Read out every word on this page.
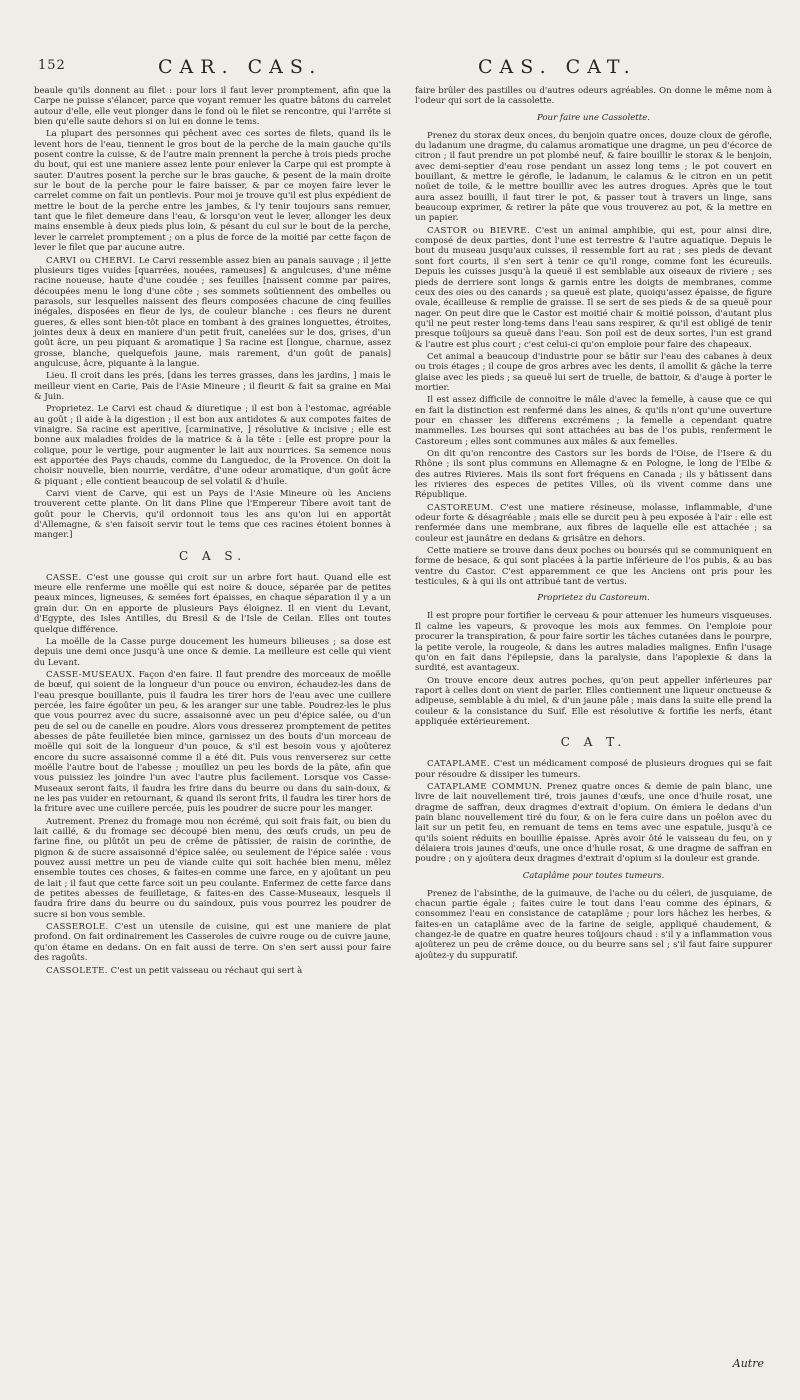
152	CAR. CAS.	CAS. CAT.

beaule qu'ils donnent au filet : pour lors il faut lever promptement, afin que la Carpe ne puisse s'élancer, parce que voyant remuer les quatre bâtons du carrelet autour d'elle, elle veut plonger dans le fond où le filet se rencontre, qui l'arrête si bien qu'elle saute dehors si on lui en donne le tems.

La plupart des personnes qui pêchent avec ces sortes de filets, quand ils le levent hors de l'eau, tiennent le gros bout de la perche de la main gauche qu'ils posent contre la cuisse, & de l'autre main prennent la perche à trois pieds proche du bout, qui est une maniere assez lente pour enlever la Carpe qui est prompte à sauter. D'autres posent la perche sur le bras gauche, & pesent de la main droite sur le bout de la perche pour le faire baisser, & par ce moyen faire lever le carrelet comme on fait un pontlevis. Pour moi je trouve qu'il est plus expédient de mettre le bout de la perche entre les jambes, & l'y tenir toujours sans remuer, tant que le filet demeure dans l'eau, & lorsqu'on veut le lever, allonger les deux mains ensemble à deux pieds plus loin, & pésant du cul sur le bout de la perche, lever le carrelet promptement ; on a plus de force de la moitié par cette façon de lever le filet que par aucune autre.

CARVI ou CHERVI. Le Carvi ressemble assez bien au panais sauvage ; il jette plusieurs tiges vuides [quarrées, nouées, rameuses] & angulcuses, d'une même racine noueuse, haute d'une coudée ; ses feuilles [naissent comme par paires, découpées menu le long d'une côte ; ses sommets soûtiennent des ombelles ou parasols, sur lesquelles naissent des fleurs composées chacune de cinq feuilles inégales, disposées en fleur de lys, de couleur blanche : ces fleurs ne durent gueres, & elles sont bien-tôt place en tombant à des graines longuettes, étroites, jointes deux à deux en maniere d'un petit fruit, canelées sur le dos, grises, d'un goût âcre, un peu piquant & aromatique ] Sa racine est [longue, charnue, assez grosse, blanche, quelquefois jaune, mais rarement, d'un goût de panais] angulcuse, âcre, piquante à la langue.

Lieu. Il croit dans les prés, [dans les terres grasses, dans les jardins, ] mais le meilleur vient en Carie, Pais de l'Asie Mineure ; il fleurit & fait sa graine en Mai & Juin.

Proprietez. Le Carvi est chaud & diuretique ; il est bon à l'estomac, agréable au goût ; il aide à la digestion ; il est bon aux antidotes & aux compotes faites de vinaigre. Sa racine est aperitive, [carminative, ] résolutive & incisive ; elle est bonne aux maladies froides de la matrice & à la tête : [elle est propre pour la colique, pour le vertige, pour augmenter le lait aux nourrices. Sa semence nous est apportée des Pays chauds, comme du Languedoc, de la Provence. On doit la choisir nouvelle, bien nourrie, verdâtre, d'une odeur aromatique, d'un goût âcre & piquant ; elle contient beaucoup de sel volatil & d'huile.

Carvi vient de Carve, qui est un Pays de l'Asie Mineure où les Anciens trouverent cette plante. On lit dans Pline que l'Empereur Tibere avoit tant de goût pour le Chervis, qu'il ordonnoit tous les ans qu'on lui en apportât d'Allemagne, & s'en faisoit servir tout le tems que ces racines étoient bonnes à manger.]

C A S.

CASSE. C'est une gousse qui croit sur un arbre fort haut. Quand elle est meure elle renferme une moëlle qui est noire & douce, séparée par de petites peaux minces, ligneuses, & semées fort épaisses, en chaque séparation il y a un grain dur. On en apporte de plusieurs Pays éloignez. Il en vient du Levant, d'Egypte, des Isles Antilles, du Bresil & de l'Isle de Ceilan. Elles ont toutes quelque différence.

La moëlle de la Casse purge doucement les humeurs bilieuses ; sa dose est depuis une demi once jusqu'à une once & demie. La meilleure est celle qui vient du Levant.

CASSE-MUSEAUX. Façon d'en faire. Il faut prendre des morceaux de moëlle de bœuf, qui soient de la longueur d'un pouce ou environ, échaudez-les dans de l'eau presque bouillante, puis il faudra les tirer hors de l'eau avec une cuillere percée, les faire égoûter un peu, & les aranger sur une table. Poudrez-les le plus que vous pourrez avec du sucre, assaisonné avec un peu d'épice salée, ou d'un peu de sel ou de canelle en poudre. Alors vous dresserez promptement de petites abesses de pâte feuilletée bien mince, garnissez un des bouts d'un morceau de moëlle qui soit de la longueur d'un pouce, & s'il est besoin vous y ajoûterez encore du sucre assaisonné comme il a été dit. Puis vous renverserez sur cette moëlle l'autre bout de l'abesse ; mouillez un peu les bords de la pâte, afin que vous puissiez les joindre l'un avec l'autre plus facilement. Lorsque vos Casse-Museaux seront faits, il faudra les frire dans du beurre ou dans du sain-doux, & ne les pas vuider en retournant, & quand ils seront frits, il faudra les tirer hors de la friture avec une cuillere percée, puis les poudrer de sucre pour les manger.

Autrement. Prenez du fromage mou non écrémé, qui soit frais fait, ou bien du lait caillé, & du fromage sec découpé bien menu, des œufs cruds, un peu de farine fine, ou plûtôt un peu de crême de pâtissier, de raisin de corinthe, de pignon & de sucre assaisonné d'épice salée, ou seulement de l'épice salée : vous pouvez aussi mettre un peu de viande cuite qui soit hachée bien menu, mêlez ensemble toutes ces choses, & faites-en comme une farce, en y ajoûtant un peu de lait ; il faut que cette farce soit un peu coulante. Enfermez de cette farce dans de petites abesses de feuilletage, & faites-en des Casse-Museaux, lesquels il faudra frire dans du beurre ou du saindoux, puis vous pourrez les poudrer de sucre si bon vous semble.

CASSEROLE. C'est un utensile de cuisine, qui est une maniere de plat profond. On fait ordinairement les Casseroles de cuivre rouge ou de cuivre jaune, qu'on étame en dedans. On en fait aussi de terre. On s'en sert aussi pour faire des ragoûts.

CASSOLETE. C'est un petit vaisseau ou réchaut qui sert à

faire brûler des pastilles ou d'autres odeurs agréables. On donne le même nom à l'odeur qui sort de la cassolette.

Pour faire une Cassolette.

Prenez du storax deux onces, du benjoin quatre onces, douze cloux de gérofle, du ladanum une dragme, du calamus aromatique une dragme, un peu d'écorce de citron ; il faut prendre un pot plombé neuf, & faire bouillir le storax & le benjoin, avec demi-septier d'eau rose pendant un assez long tems ; le pot couvert en bouillant, & mettre le gérofle, le ladanum, le calamus & le citron en un petit noüet de toile, & le mettre bouillir avec les autres drogues. Après que le tout aura assez bouilli, il faut tirer le pot, & passer tout à travers un linge, sans beaucoup exprimer, & retirer la pâte que vous trouverez au pot, & la mettre en un papier.

CASTOR ou BIEVRE. C'est un animal amphibie, qui est, pour ainsi dire, composé de deux parties, dont l'une est terrestre & l'autre aquatique. Depuis le bout du museau jusqu'aux cuisses, il ressemble fort au rat ; ses pieds de devant sont fort courts, il s'en sert à tenir ce qu'il ronge, comme font les écureuils. Depuis les cuisses jusqu'à la queuë il est semblable aux oiseaux de riviere ; ses pieds de derriere sont longs & garnis entre les doigts de membranes, comme ceux des oies ou des canards ; sa queuë est plate, quoiqu'assez épaisse, de figure ovale, écailleuse & remplie de graisse. Il se sert de ses pieds & de sa queuë pour nager. On peut dire que le Castor est moitié chair & moitié poisson, d'autant plus qu'il ne peut rester long-tems dans l'eau sans respirer, & qu'il est obligé de tenir presque toûjours sa queuë dans l'eau. Son poil est de deux sortes, l'un est grand & l'autre est plus court ; c'est celui-ci qu'on emploie pour faire des chapeaux.

Cet animal a beaucoup d'industrie pour se bâtir sur l'eau des cabanes à deux ou trois étages ; il coupe de gros arbres avec les dents, il amollit & gâche la terre glaise avec les pieds ; sa queuë lui sert de truelle, de battoir, & d'auge à porter le mortier.

Il est assez difficile de connoitre le mâle d'avec la femelle, à cause que ce qui en fait la distinction est renfermé dans les aines, & qu'ils n'ont qu'une ouverture pour en chasser les differens excrémens ; la femelle a cependant quatre mammelles. Les bourses qui sont attachées au bas de l'os pubis, renferment le Castoreum ; elles sont communes aux mâles & aux femelles.

On dit qu'on rencontre des Castors sur les bords de l'Oise, de l'Isere & du Rhône ; ils sont plus communs en Allemagne & en Pologne, le long de l'Elbe & des autres Rivieres. Mais ils sont fort fréquens en Canada ; ils y bâtissent dans les rivieres des especes de petites Villes, où ils vivent comme dans une République.

CASTOREUM. C'est une matiere résineuse, molasse, inflammable, d'une odeur forte & désagréable ; mais elle se durcit peu à peu exposée à l'air : elle est renfermée dans une membrane, aux fibres de laquelle elle est attachée ; sa couleur est jaunâtre en dedans & grisâtre en dehors.

Cette matiere se trouve dans deux poches ou boursés qui se communiquent en forme de besace, & qui sont placées à la partie inférieure de l'os pubis, & au bas ventre du Castor. C'est apparemment ce que les Anciens ont pris pour les testicules, & à qui ils ont attribué tant de vertus.

Proprietez du Castoreum.

Il est propre pour fortifier le cerveau & pour attenuer les humeurs visqueuses. Il calme les vapeurs, & provoque les mois aux femmes. On l'emploie pour procurer la transpiration, & pour faire sortir les tâches cutanées dans le pourpre, la petite verole, la rougeole, & dans les autres maladies malignes. Enfin l'usage qu'on en fait dans l'épilepsie, dans la paralysie, dans l'apoplexie & dans la surdité, est avantageux.

On trouve encore deux autres poches, qu'on peut appeller inférieures par raport à celles dont on vient de parler. Elles contiennent une liqueur onctueuse & adipeuse, semblable à du miel, & d'un jaune pâle ; mais dans la suite elle prend la couleur & la consistance du Suif. Elle est résolutive & fortifie les nerfs, étant appliquée extérieurement.

C A T.

CATAPLAME. C'est un médicament composé de plusieurs drogues qui se fait pour résoudre & dissiper les tumeurs.

CATAPLAME COMMUN. Prenez quatre onces & demie de pain blanc, une livre de lait nouvellement tiré, trois jaunes d'œufs, une once d'huile rosat, une dragme de saffran, deux dragmes d'extrait d'opium. On émiera le dedans d'un pain blanc nouvellement tiré du four, & on le fera cuire dans un poêlon avec du lait sur un petit feu, en remuant de tems en tems avec une espatule, jusqu'à ce qu'ils soient réduits en bouillie épaisse. Après avoir ôté le vaisseau du feu, on y délaiera trois jaunes d'œufs, une once d'huile rosat, & une dragme de saffran en poudre ; on y ajoûtera deux dragmes d'extrait d'opium si la douleur est grande.

Cataplâme pour toutes tumeurs.

Prenez de l'absinthe, de la guimauve, de l'ache ou du céleri, de jusquiame, de chacun partie égale ; faites cuire le tout dans l'eau comme des épinars, & consommez l'eau en consistance de cataplâme ; pour lors hâchez les herbes, & faites-en un cataplâme avec de la farine de seigle, appliqué chaudement, & changez-le de quatre en quatre heures toûjours chaud : s'il y a inflammation vous ajoûterez un peu de crême douce, ou du beurre sans sel ; s'il faut faire suppurer ajoûtez-y du suppuratif.

Autre
